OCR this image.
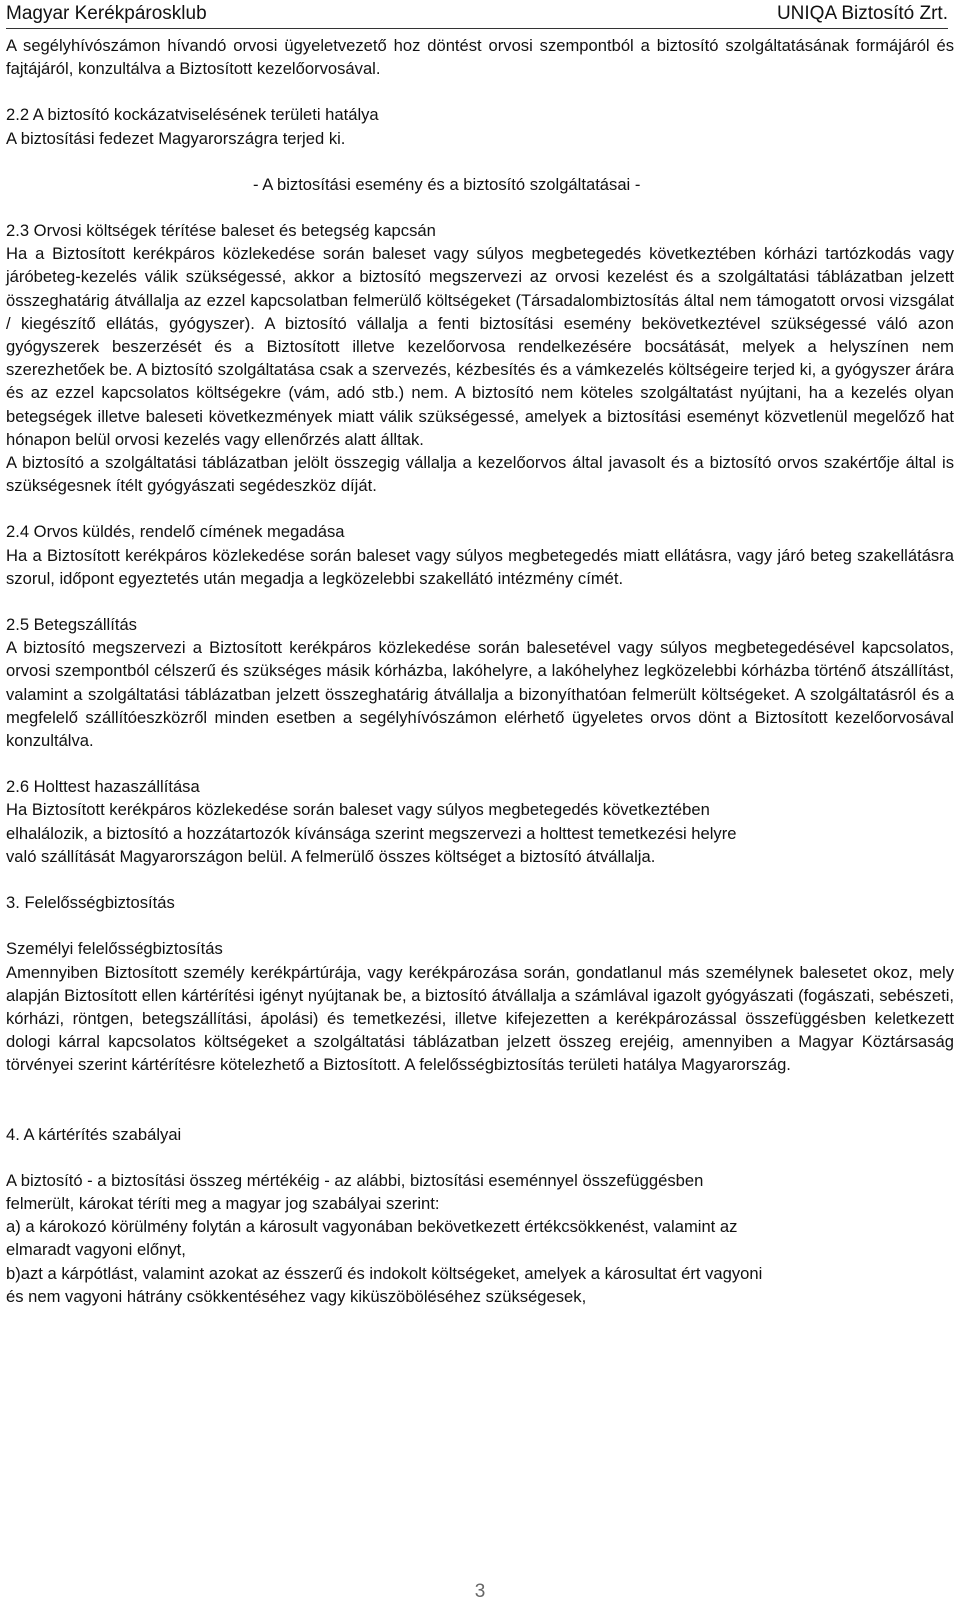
Magyar Kerékpárosklub	UNIQA Biztosító Zrt.

A segélyhívószámon hívandó orvosi ügyeletvezető hoz döntést orvosi szempontból a biztosító szolgáltatásának formájáról és fajtájáról, konzultálva a Biztosított kezelőorvosával.

2.2 A biztosító kockázatviselésének területi hatálya

A biztosítási fedezet Magyarországra terjed ki.

- A biztosítási esemény és a biztosító szolgáltatásai -

2.3 Orvosi költségek térítése baleset és betegség kapcsán

Ha a Biztosított kerékpáros közlekedése során baleset vagy súlyos megbetegedés következtében kórházi tartózkodás vagy járóbeteg-kezelés válik szükségessé, akkor a biztosító megszervezi az orvosi kezelést és a szolgáltatási táblázatban jelzett összeghatárig átvállalja az ezzel kapcsolatban felmerülő költségeket (Társadalombiztosítás által nem támogatott orvosi vizsgálat / kiegészítő ellátás, gyógyszer). A biztosító vállalja a fenti biztosítási esemény bekövetkeztével szükségessé váló azon gyógyszerek beszerzését és a Biztosított illetve kezelőorvosa rendelkezésére bocsátását, melyek a helyszínen nem szerezhetőek be. A biztosító szolgáltatása csak a szervezés, kézbesítés és a vámkezelés költségeire terjed ki, a gyógyszer árára és az ezzel kapcsolatos költségekre (vám, adó stb.) nem. A biztosító nem köteles szolgáltatást nyújtani, ha a kezelés olyan betegségek illetve baleseti következmények miatt válik szükségessé, amelyek a biztosítási eseményt közvetlenül megelőző hat hónapon belül orvosi kezelés vagy ellenőrzés alatt álltak.

A biztosító a szolgáltatási táblázatban jelölt összegig vállalja a kezelőorvos által javasolt és a biztosító orvos szakértője által is szükségesnek ítélt gyógyászati segédeszköz díját.

2.4 Orvos küldés, rendelő címének megadása

Ha a Biztosított kerékpáros közlekedése során baleset vagy súlyos megbetegedés miatt ellátásra, vagy járó beteg szakellátásra szorul, időpont egyeztetés után megadja a legközelebbi szakellátó intézmény címét.

2.5 Betegszállítás

A biztosító megszervezi a Biztosított kerékpáros közlekedése során balesetével vagy súlyos megbetegedésével kapcsolatos, orvosi szempontból célszerű és szükséges másik kórházba, lakóhelyre, a lakóhelyhez legközelebbi kórházba történő átszállítást, valamint a szolgáltatási táblázatban jelzett összeghatárig átvállalja a bizonyíthatóan felmerült költségeket. A szolgáltatásról és a megfelelő szállítóeszközről minden esetben a segélyhívószámon elérhető ügyeletes orvos dönt a Biztosított kezelőorvosával konzultálva.

2.6 Holttest hazaszállítása

Ha Biztosított kerékpáros közlekedése során baleset vagy súlyos megbetegedés következtében

elhalálozik, a biztosító a hozzátartozók kívánsága szerint megszervezi a holttest temetkezési helyre

való szállítását Magyarországon belül. A felmerülő összes költséget a biztosító átvállalja.

3. Felelősségbiztosítás

Személyi felelősségbiztosítás

Amennyiben Biztosított személy kerékpártúrája, vagy kerékpározása során, gondatlanul más személynek balesetet okoz, mely alapján Biztosított ellen kártérítési igényt nyújtanak be, a biztosító átvállalja a számlával igazolt gyógyászati (fogászati, sebészeti, kórházi, röntgen, betegszállítási, ápolási) és temetkezési, illetve kifejezetten a kerékpározással összefüggésben keletkezett dologi kárral kapcsolatos költségeket a szolgáltatási táblázatban jelzett összeg erejéig, amennyiben a Magyar Köztársaság törvényei szerint kártérítésre kötelezhető a Biztosított. A felelősségbiztosítás területi hatálya Magyarország.

4. A kártérítés szabályai

A biztosító - a biztosítási összeg mértékéig - az alábbi, biztosítási eseménnyel összefüggésben

felmerült, károkat téríti meg a magyar jog szabályai szerint:

a) a károkozó körülmény folytán a károsult vagyonában bekövetkezett értékcsökkenést, valamint az

elmaradt vagyoni előnyt,

b)azt a kárpótlást, valamint azokat az ésszerű és indokolt költségeket, amelyek a károsultat ért vagyoni

és nem vagyoni hátrány csökkentéséhez vagy kiküszöböléséhez szükségesek,

3
